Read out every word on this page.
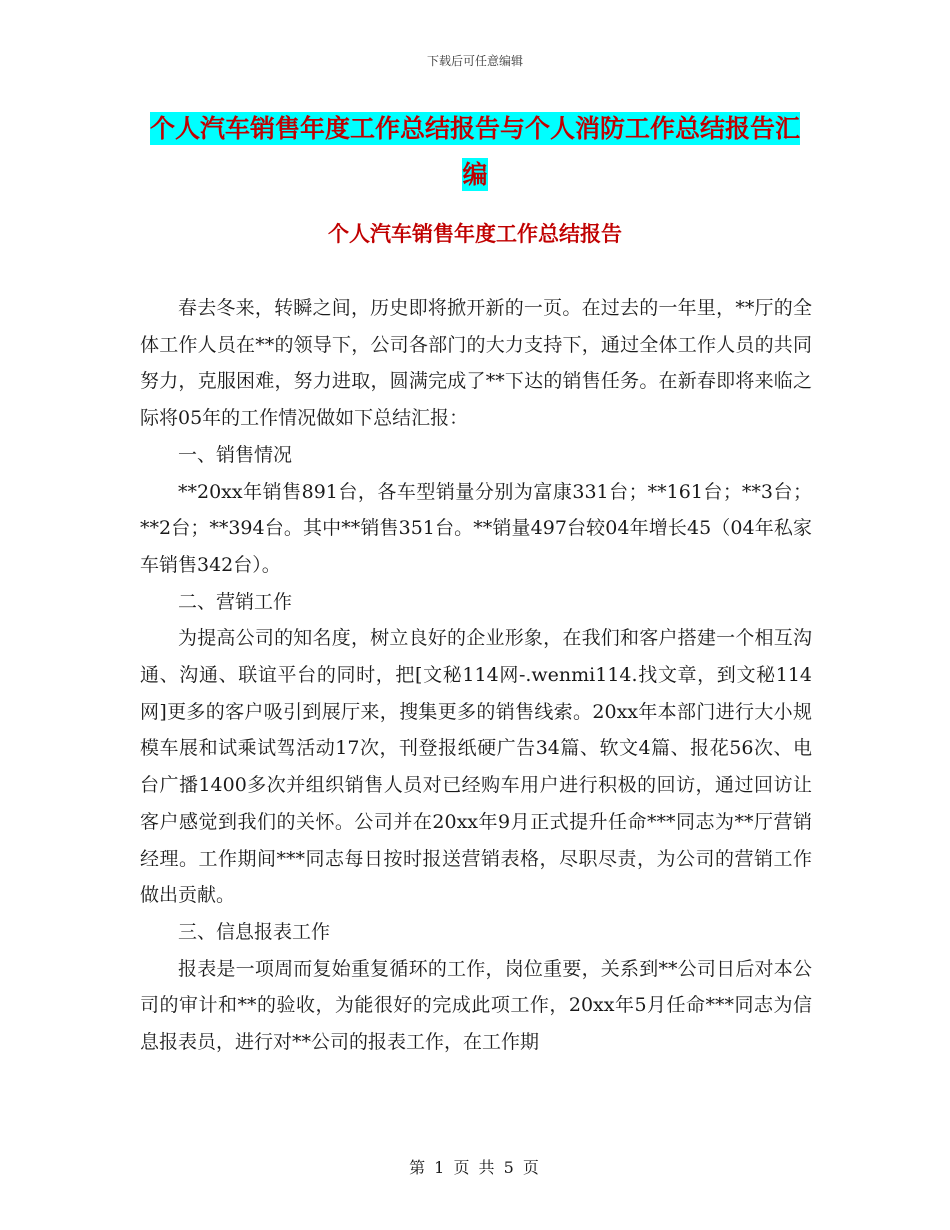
下载后可任意编辑
个人汽车销售年度工作总结报告与个人消防工作总结报告汇编
个人汽车销售年度工作总结报告

春去冬来，转瞬之间，历史即将掀开新的一页。在过去的一年里，**厅的全体工作人员在**的领导下，公司各部门的大力支持下，通过全体工作人员的共同努力，克服困难，努力进取，圆满完成了**下达的销售任务。在新春即将来临之际将05年的工作情况做如下总结汇报：

一、销售情况

**20xx年销售891台，各车型销量分别为富康331台；**161台；**3台；**2台；**394台。其中**销售351台。**销量497台较04年增长45（04年私家车销售342台）。

二、营销工作

为提高公司的知名度，树立良好的企业形象，在我们和客户搭建一个相互沟通、沟通、联谊平台的同时，把[文秘114网-.wenmi114.找文章，到文秘114网]更多的客户吸引到展厅来，搜集更多的销售线索。20xx年本部门进行大小规模车展和试乘试驾活动17次，刊登报纸硬广告34篇、软文4篇、报花56次、电台广播1400多次并组织销售人员对已经购车用户进行积极的回访，通过回访让客户感觉到我们的关怀。公司并在20xx年9月正式提升任命***同志为**厅营销经理。工作期间***同志每日按时报送营销表格，尽职尽责，为公司的营销工作做出贡献。

三、信息报表工作

报表是一项周而复始重复循环的工作，岗位重要，关系到**公司日后对本公司的审计和**的验收，为能很好的完成此项工作，20xx年5月任命***同志为信息报表员，进行对**公司的报表工作，在工作期

第 1 页 共 5 页
